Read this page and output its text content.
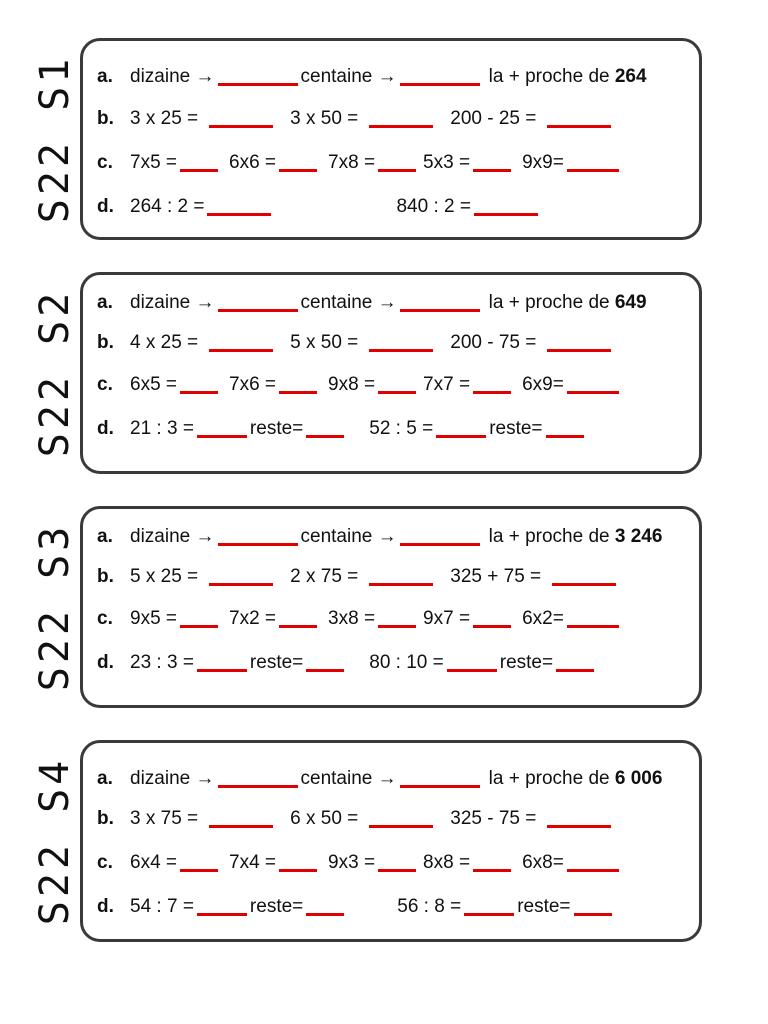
S22 S1 a. dizaine →	centaine →	la + proche de 264
b. 3 x 25 =	3 x 50 =	200 - 25 =
c. 7x5 =	6x6 =	7x8 =	5x3 =	9x9=
d. 264 : 2 =	840 : 2 =
S22 S2 a. dizaine →	centaine →	la + proche de 649
b. 4 x 25 =	5 x 50 =	200 - 75 =
c. 6x5 =	7x6 =	9x8 =	7x7 =	6x9=
d. 21 : 3 =	reste=	52 : 5 =	reste=
S22 S3 a. dizaine →	centaine →	la + proche de 3 246
b. 5 x 25 =	2 x 75 =	325 + 75 =
c. 9x5 =	7x2 =	3x8 =	9x7 =	6x2=
d. 23 : 3 =	reste=	80 : 10 =	reste=
S22 S4 a. dizaine →	centaine →	la + proche de 6 006
b. 3 x 75 =	6 x 50 =	325 - 75 =
c. 6x4 =	7x4 =	9x3 =	8x8 =	6x8=
d. 54 : 7 =	reste=	56 : 8 =	reste=
